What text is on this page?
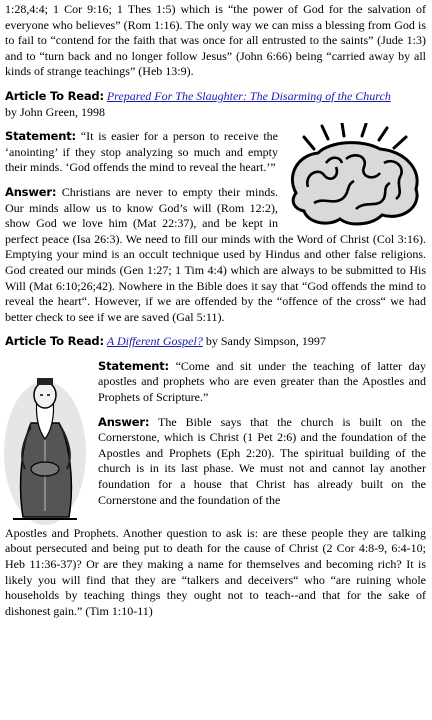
1:28,4:4; 1 Cor 9:16; 1 Thes 1:5) which is “the power of God for the salvation of everyone who believes” (Rom 1:16). The only way we can miss a blessing from God is to fail to “contend for the faith that was once for all entrusted to the saints” (Jude 1:3) and to “turn back and no longer follow Jesus” (John 6:66) being “carried away by all kinds of strange teachings” (Heb 13:9).

Article To Read: Prepared For The Slaughter: The Disarming of the Church

by John Green, 1998

Statement: “It is easier for a person to receive the ‘anointing’ if they stop analyzing so much and empty their minds. ‘God offends the mind to reveal the heart.’”

Answer: Christians are never to empty their minds. Our minds allow us to know God’s will (Rom 12:2), show God we love him (Mat 22:37), and be kept in perfect peace (Isa 26:3). We need to fill our minds with the Word of Christ (Col 3:16). Emptying your mind is an occult technique used by Hindus and other false religions. God created our minds (Gen 1:27; 1 Tim 4:4) which are always to be submitted to His Will (Mat 6:10;26;42). Nowhere in the Bible does it say that “God offends the mind to reveal the heart“. However, if we are offended by the “offence of the cross“ we had better check to see if we are saved (Gal 5:11).

Article To Read: A Different Gospel? by Sandy Simpson, 1997

Statement: “Come and sit under the teaching of latter day apostles and prophets who are even greater than the Apostles and Prophets of Scripture.”

Answer: The Bible says that the church is built on the Cornerstone, which is Christ (1 Pet 2:6) and the foundation of the Apostles and Prophets (Eph 2:20). The spiritual building of the church is in its last phase. We must not and cannot lay another foundation for a house that Christ has already built on the Cornerstone and the foundation of the

Apostles and Prophets. Another question to ask is: are these people they are talking about persecuted and being put to death for the cause of Christ (2 Cor 4:8-9, 6:4-10; Heb 11:36-37)? Or are they making a name for themselves and becoming rich? It is likely you will find that they are “talkers and deceivers“ who “are ruining whole households by teaching things they ought not to teach--and that for the sake of dishonest gain.” (Tim 1:10-11)
